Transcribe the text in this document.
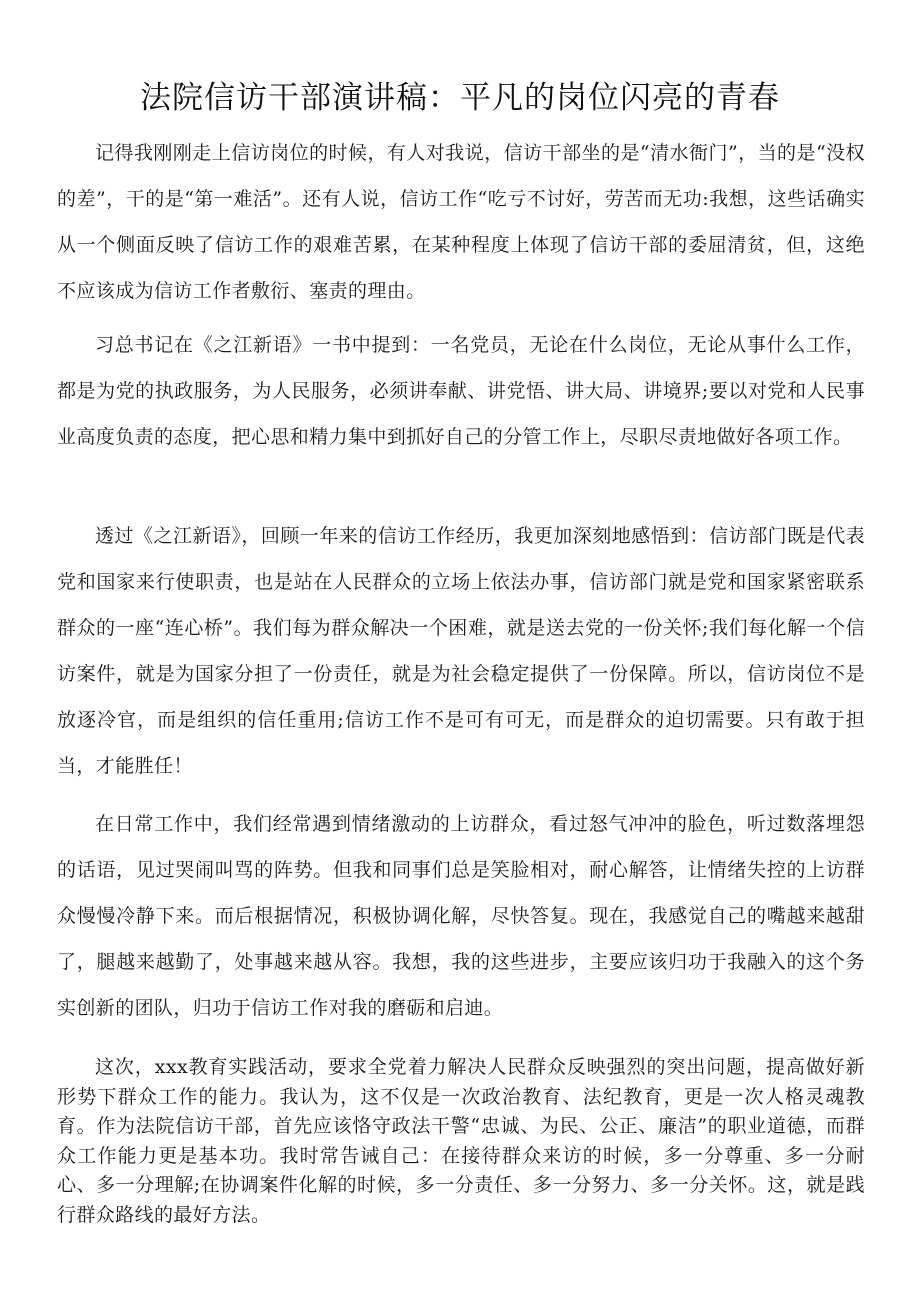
法院信访干部演讲稿：平凡的岗位闪亮的青春

记得我刚刚走上信访岗位的时候，有人对我说，信访干部坐的是“清水衙门”，当的是“没权的差”，干的是“第一难活”。还有人说，信访工作“吃亏不讨好，劳苦而无功:我想，这些话确实从一个侧面反映了信访工作的艰难苦累，在某种程度上体现了信访干部的委屈清贫，但，这绝不应该成为信访工作者敷衍、塞责的理由。

习总书记在《之江新语》一书中提到：一名党员，无论在什么岗位，无论从事什么工作，都是为党的执政服务，为人民服务，必须讲奉献、讲党悟、讲大局、讲境界;要以对党和人民事业高度负责的态度，把心思和精力集中到抓好自己的分管工作上，尽职尽责地做好各项工作。

透过《之江新语》，回顾一年来的信访工作经历，我更加深刻地感悟到：信访部门既是代表党和国家来行使职责，也是站在人民群众的立场上依法办事，信访部门就是党和国家紧密联系群众的一座“连心桥”。我们每为群众解决一个困难，就是送去党的一份关怀;我们每化解一个信访案件，就是为国家分担了一份责任，就是为社会稳定提供了一份保障。所以，信访岗位不是放逐冷官，而是组织的信任重用;信访工作不是可有可无，而是群众的迫切需要。只有敢于担当，才能胜任！

在日常工作中，我们经常遇到情绪激动的上访群众，看过怒气冲冲的脸色，听过数落埋怨的话语，见过哭闹叫骂的阵势。但我和同事们总是笑脸相对，耐心解答，让情绪失控的上访群众慢慢冷静下来。而后根据情况，积极协调化解，尽快答复。现在，我感觉自己的嘴越来越甜了，腿越来越勤了，处事越来越从容。我想，我的这些进步，主要应该归功于我融入的这个务实创新的团队，归功于信访工作对我的磨砺和启迪。

这次，xxx教育实践活动，要求全党着力解决人民群众反映强烈的突出问题，提高做好新形势下群众工作的能力。我认为，这不仅是一次政治教育、法纪教育，更是一次人格灵魂教育。作为法院信访干部，首先应该恪守政法干警“忠诚、为民、公正、廉洁”的职业道德，而群众工作能力更是基本功。我时常告诫自己：在接待群众来访的时候，多一分尊重、多一分耐心、多一分理解;在协调案件化解的时候，多一分责任、多一分努力、多一分关怀。这，就是践行群众路线的最好方法。
